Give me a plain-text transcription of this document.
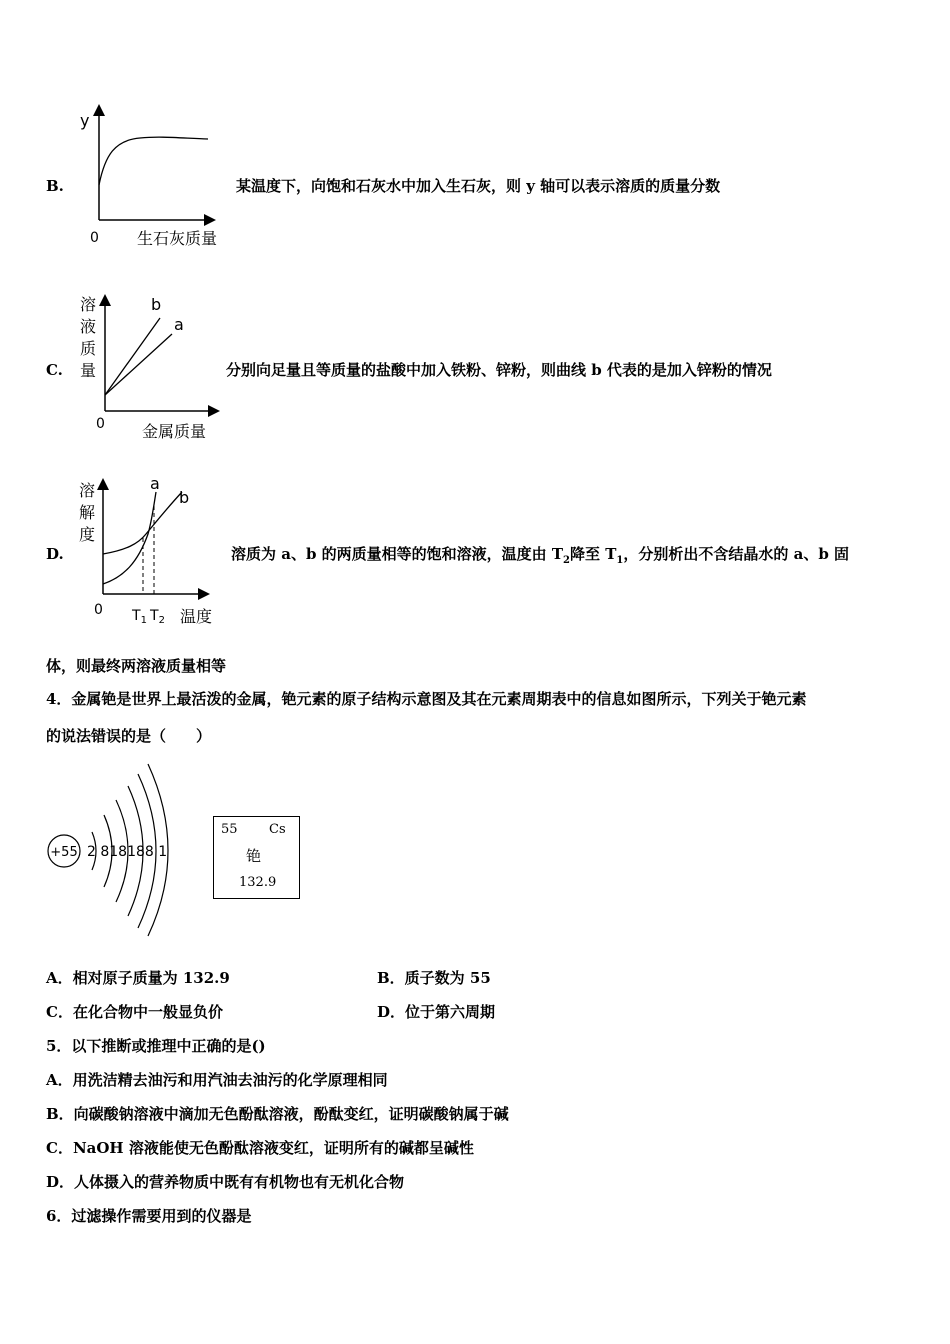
B.
y
0 生石灰质量
某温度下，向饱和石灰水中加入生石灰，则 y 轴可以表示溶质的质量分数
C.
b
a
溶
液
质
量
0 金属质量
分别向足量且等质量的盐酸中加入铁粉、锌粉，则曲线 b 代表的是加入锌粉的情况
D.
a
b
溶
解
度
0 $T_1$ $T_2$ 温度
溶质为 a、b 的两质量相等的饱和溶液，温度由 $T_2$降至 $T_1$，分别析出不含结晶水的 a、b 固
体，则最终两溶液质量相等
4．金属铯是世界上最活泼的金属，铯元素的原子结构示意图及其在元素周期表中的信息如图所示，下列关于铯元素
的说法错误的是（　　）
+55 2 818188 1
55 Cs
铯
132.9
A．相对原子质量为 132.9	B．质子数为 55
C．在化合物中一般显负价	D．位于第六周期
5．以下推断或推理中正确的是()
A．用洗洁精去油污和用汽油去油污的化学原理相同
B．向碳酸钠溶液中滴加无色酚酞溶液，酚酞变红，证明碳酸钠属于碱
C．NaOH 溶液能使无色酚酞溶液变红，证明所有的碱都呈碱性
D．人体摄入的营养物质中既有有机物也有无机化合物
6．过滤操作需要用到的仪器是
